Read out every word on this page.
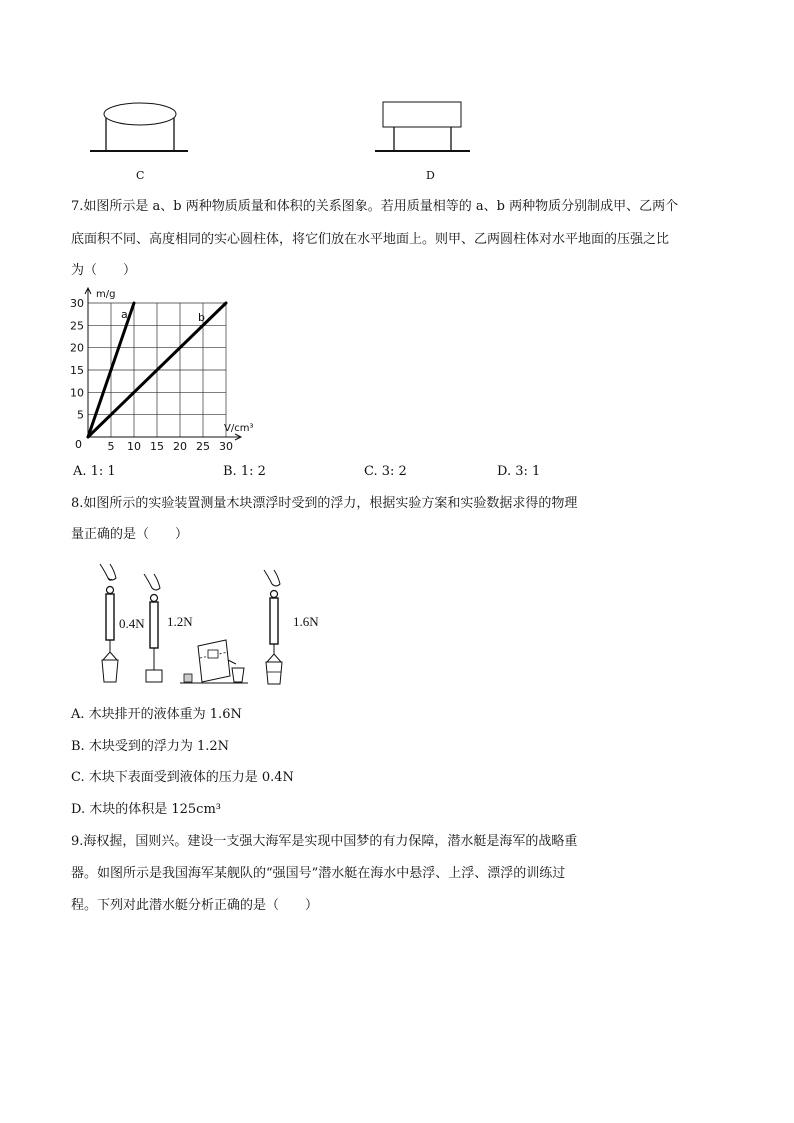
C	D
7.如图所示是 a、b 两种物质质量和体积的关系图象。若用质量相等的 a、b 两种物质分别制成甲、乙两个
底面积不同、高度相同的实心圆柱体，将它们放在水平地面上。则甲、乙两圆柱体对水平地面的压强之比
为（　　）
5 10 15 20 25 30
5
10
15
20
25
30
0
m/g
V/cm³
a	b
A. 1: 1	B. 1: 2	C. 3: 2	D. 3: 1
8.如图所示的实验装置测量木块漂浮时受到的浮力，根据实验方案和实验数据求得的物理
量正确的是（　　）
0.4N 1.2N	1.6N
A. 木块排开的液体重为 1.6N
B. 木块受到的浮力为 1.2N
C. 木块下表面受到液体的压力是 0.4N
D. 木块的体积是 125cm³
9.海权握，国则兴。建设一支强大海军是实现中国梦的有力保障，潜水艇是海军的战略重
器。如图所示是我国海军某舰队的“强国号”潜水艇在海水中悬浮、上浮、漂浮的训练过
程。下列对此潜水艇分析正确的是（　　）
